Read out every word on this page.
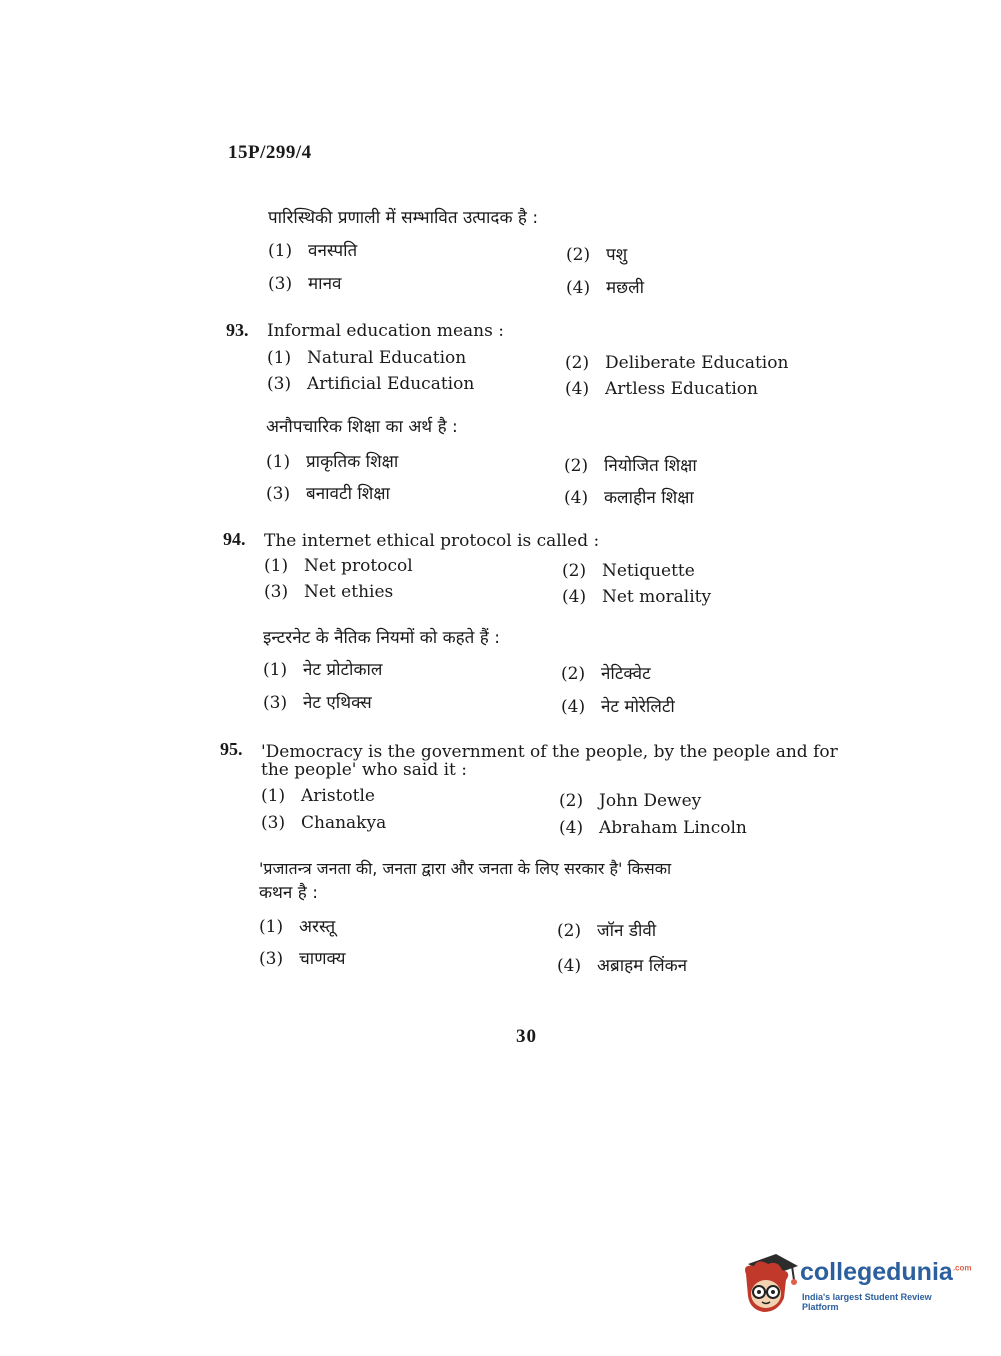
15P/299/4
पारिस्थिकी प्रणाली में सम्भावित उत्पादक है :
(1) वनस्पति	(2) पशु
(3) मानव	(4) मछली
93. Informal education means :
(1) Natural Education	(2) Deliberate Education
(3) Artificial Education	(4) Artless Education
अनौपचारिक शिक्षा का अर्थ है :
(1) प्राकृतिक शिक्षा	(2) नियोजित शिक्षा
(3) बनावटी शिक्षा	(4) कलाहीन शिक्षा
94. The internet ethical protocol is called :
(1) Net protocol	(2) Netiquette
(3) Net ethies	(4) Net morality
इन्टरनेट के नैतिक नियमों को कहते हैं :
(1) नेट प्रोटोकाल	(2) नेटिक्वेट
(3) नेट एथिक्स	(4) नेट मोरेलिटी
95. 'Democracy is the government of the people, by the people and for
the people' who said it :
(1) Aristotle	(2) John Dewey
(3) Chanakya	(4) Abraham Lincoln
'प्रजातन्त्र जनता की, जनता द्वारा और जनता के लिए सरकार है' किसका
कथन है :
(1) अरस्तू	(2) जॉन डीवी
(3) चाणक्य	(4) अब्राहम लिंकन
30
collegedunia$^{.com}$
India's largest Student Review Platform
